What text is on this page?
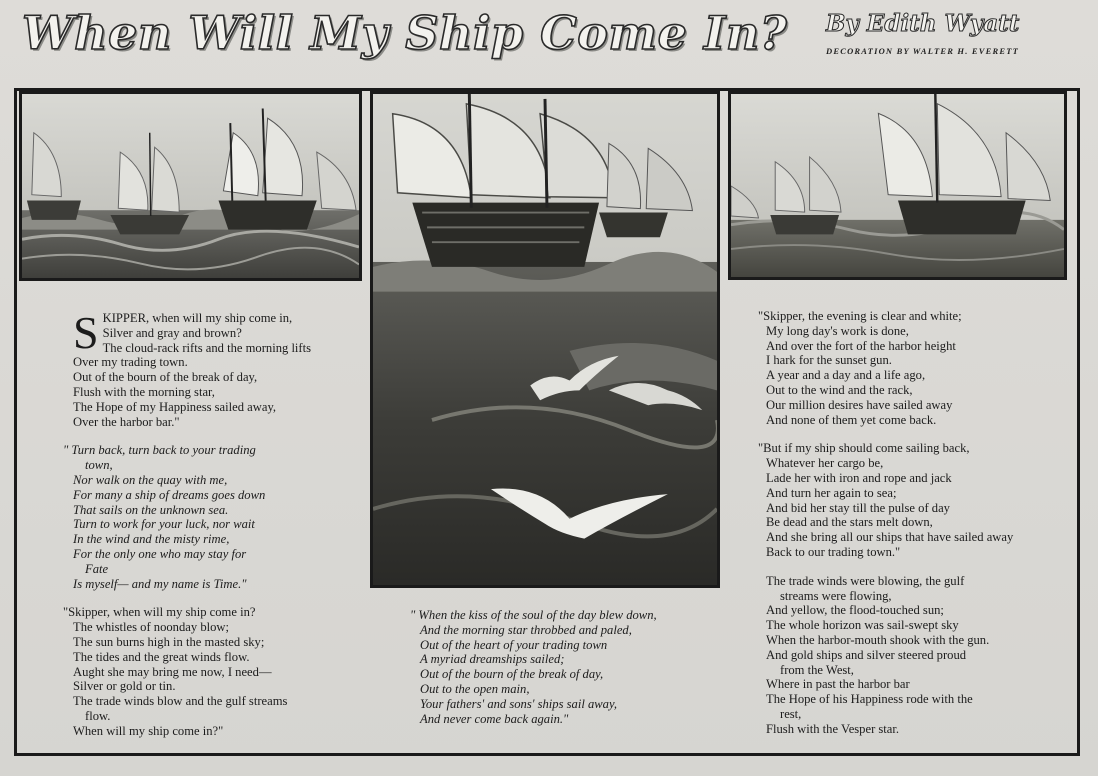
When Will My Ship Come In? By Edith Wyatt
DECORATION BY WALTER H. EVERETT
S KIPPER, when will my ship come in,

Silver and gray and brown?

The cloud-rack rifts and the morning lifts

Over my trading town.

Out of the bourn of the break of day,

Flush with the morning star,

The Hope of my Happiness sailed away,

Over the harbor bar."

" Turn back, turn back to your trading

town,

Nor walk on the quay with me,

For many a ship of dreams goes down

That sails on the unknown sea.

Turn to work for your luck, nor wait

In the wind and the misty rime,

For the only one who may stay for

Fate

Is myself— and my name is Time."

"Skipper, when will my ship come in?

The whistles of noonday blow;

The sun burns high in the masted sky;

The tides and the great winds flow.

Aught she may bring me now, I need—

Silver or gold or tin.

The trade winds blow and the gulf streams

flow.

When will my ship come in?"

" When the kiss of the soul of the day blew down,

And the morning star throbbed and paled,

Out of the heart of your trading town

A myriad dreamships sailed;

Out of the bourn of the break of day,

Out to the open main,

Your fathers' and sons' ships sail away,

And never come back again."

"Skipper, the evening is clear and white;

My long day's work is done,

And over the fort of the harbor height

I hark for the sunset gun.

A year and a day and a life ago,

Out to the wind and the rack,

Our million desires have sailed away

And none of them yet come back.

"But if my ship should come sailing back,

Whatever her cargo be,

Lade her with iron and rope and jack

And turn her again to sea;

And bid her stay till the pulse of day

Be dead and the stars melt down,

And she bring all our ships that have sailed away

Back to our trading town."

The trade winds were blowing, the gulf

streams were flowing,

And yellow, the flood-touched sun;

The whole horizon was sail-swept sky

When the harbor-mouth shook with the gun.

And gold ships and silver steered proud

from the West,

Where in past the harbor bar

The Hope of his Happiness rode with the

rest,

Flush with the Vesper star.
